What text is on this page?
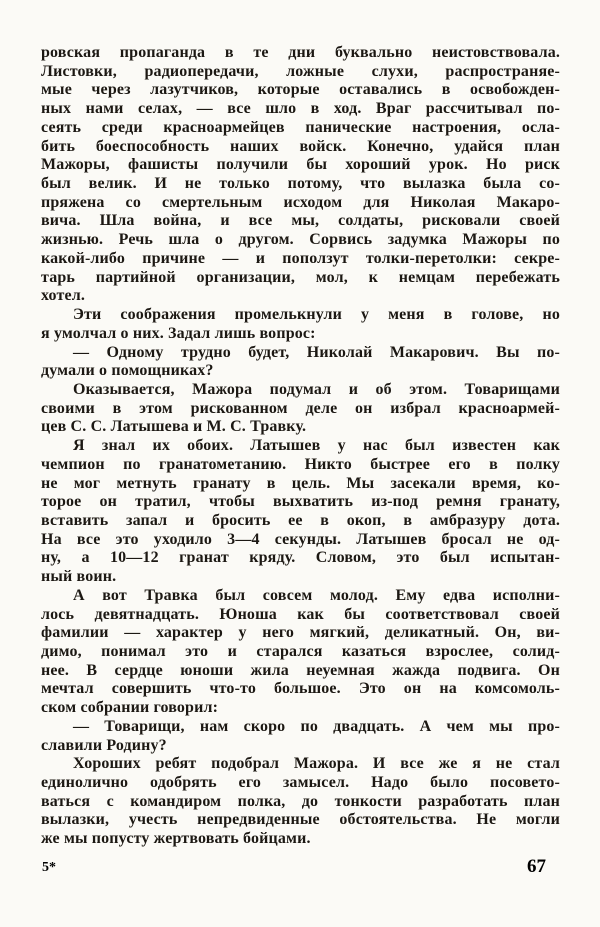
ровская пропаганда в те дни буквально неистовствовала.
Листовки, радиопередачи, ложные слухи, распространяе-
мые через лазутчиков, которые оставались в освобожден-
ных нами селах, — все шло в ход. Враг рассчитывал по-
сеять среди красноармейцев панические настроения, осла-
бить боеспособность наших войск. Конечно, удайся план
Мажоры, фашисты получили бы хороший урок. Но риск
был велик. И не только потому, что вылазка была со-
пряжена со смертельным исходом для Николая Макаро-
вича. Шла война, и все мы, солдаты, рисковали своей
жизнью. Речь шла о другом. Сорвись задумка Мажоры по
какой-либо причине — и поползут толки-перетолки: секре-
тарь партийной организации, мол, к немцам перебежать
хотел.
Эти соображения промелькнули у меня в голове, но
я умолчал о них. Задал лишь вопрос:
— Одному трудно будет, Николай Макарович. Вы по-
думали о помощниках?
Оказывается, Мажора подумал и об этом. Товарищами
своими в этом рискованном деле он избрал красноармей-
цев С. С. Латышева и М. С. Травку.
Я знал их обоих. Латышев у нас был известен как
чемпион по гранатометанию. Никто быстрее его в полку
не мог метнуть гранату в цель. Мы засекали время, ко-
торое он тратил, чтобы выхватить из-под ремня гранату,
вставить запал и бросить ее в окоп, в амбразуру дота.
На все это уходило 3—4 секунды. Латышев бросал не од-
ну, а 10—12 гранат кряду. Словом, это был испытан-
ный воин.
А вот Травка был совсем молод. Ему едва исполни-
лось девятнадцать. Юноша как бы соответствовал своей
фамилии — характер у него мягкий, деликатный. Он, ви-
димо, понимал это и старался казаться взрослее, солид-
нее. В сердце юноши жила неуемная жажда подвига. Он
мечтал совершить что-то большое. Это он на комсомоль-
ском собрании говорил:
— Товарищи, нам скоро по двадцать. А чем мы про-
славили Родину?
Хороших ребят подобрал Мажора. И все же я не стал
единолично одобрять его замысел. Надо было посовето-
ваться с командиром полка, до тонкости разработать план
вылазки, учесть непредвиденные обстоятельства. Не могли
же мы попусту жертвовать бойцами.
5*	67
